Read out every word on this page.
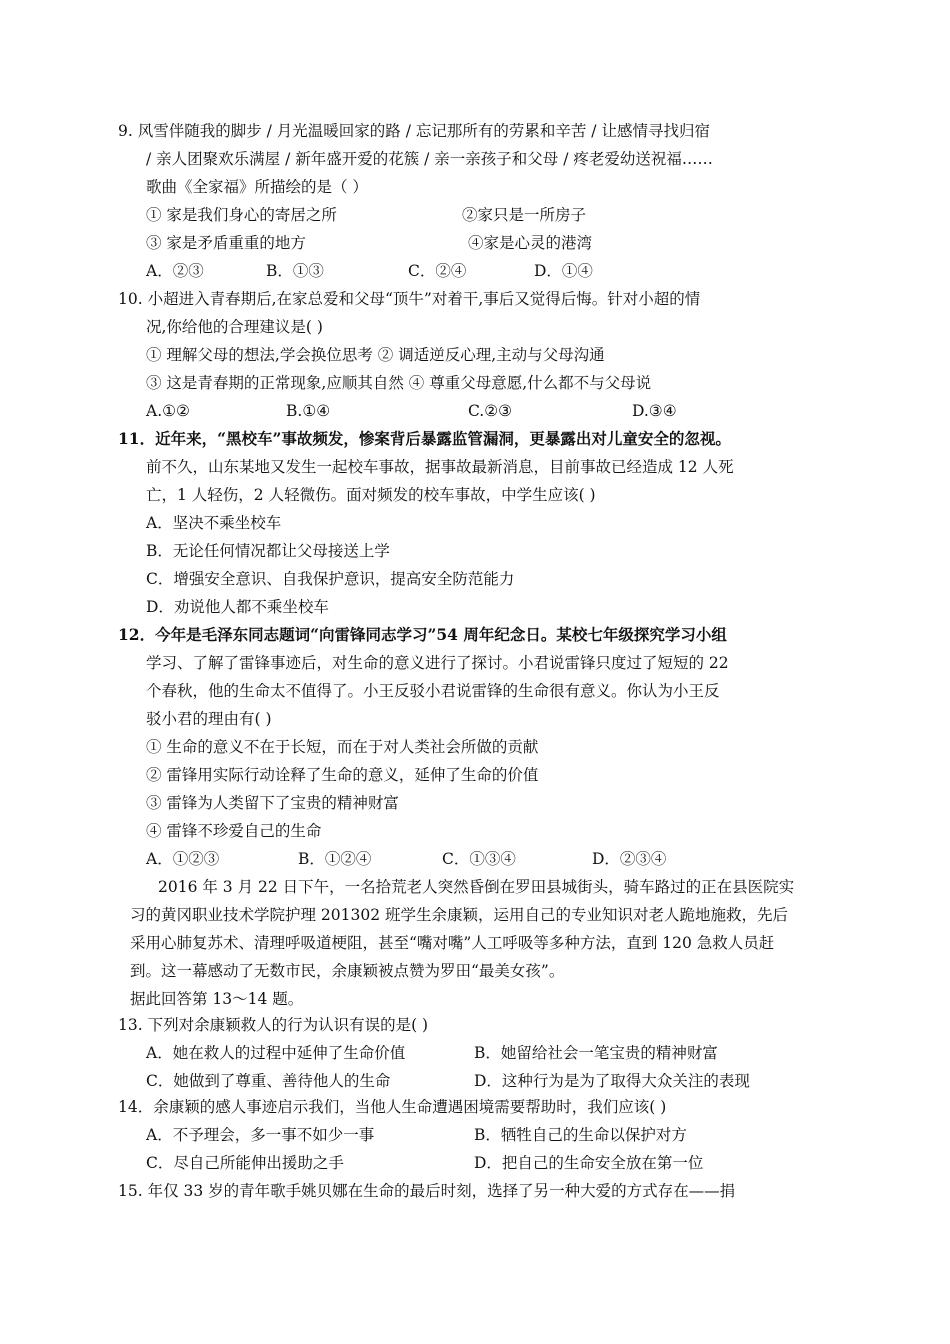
9. 风雪伴随我的脚步 / 月光温暖回家的路 / 忘记那所有的劳累和辛苦 / 让感情寻找归宿
/ 亲人团聚欢乐满屋 / 新年盛开爱的花簇 / 亲一亲孩子和父母 / 疼老爱幼送祝福……
歌曲《全家福》所描绘的是（ ）
① 家是我们身心的寄居之所	②家只是一所房子
③ 家是矛盾重重的地方	④家是心灵的港湾
A．②③	B．①③	C．②④	D．①④
10. 小超进入青春期后,在家总爱和父母“顶牛”对着干,事后又觉得后悔。针对小超的情
况,你给他的合理建议是( )
① 理解父母的想法,学会换位思考 ② 调适逆反心理,主动与父母沟通
③ 这是青春期的正常现象,应顺其自然 ④ 尊重父母意愿,什么都不与父母说
A.①②	B.①④	C.②③	D.③④
11．近年来，“黑校车”事故频发，惨案背后暴露监管漏洞，更暴露出对儿童安全的忽视。
前不久，山东某地又发生一起校车事故，据事故最新消息，目前事故已经造成 12 人死
亡，1 人轻伤，2 人轻微伤。面对频发的校车事故，中学生应该( )
A．坚决不乘坐校车
B．无论任何情况都让父母接送上学
C．增强安全意识、自我保护意识，提高安全防范能力
D．劝说他人都不乘坐校车
12．今年是毛泽东同志题词“向雷锋同志学习”54 周年纪念日。某校七年级探究学习小组
学习、了解了雷锋事迹后，对生命的意义进行了探讨。小君说雷锋只度过了短短的 22
个春秋，他的生命太不值得了。小王反驳小君说雷锋的生命很有意义。你认为小王反
驳小君的理由有( )
① 生命的意义不在于长短，而在于对人类社会所做的贡献
② 雷锋用实际行动诠释了生命的意义，延伸了生命的价值
③ 雷锋为人类留下了宝贵的精神财富
④ 雷锋不珍爱自己的生命
A．①②③	B．①②④	C．①③④	D．②③④
2016 年 3 月 22 日下午，一名拾荒老人突然昏倒在罗田县城街头，骑车路过的正在县医院实
习的黄冈职业技术学院护理 201302 班学生余康颖，运用自己的专业知识对老人跪地施救，先后
采用心肺复苏术、清理呼吸道梗阻，甚至“嘴对嘴”人工呼吸等多种方法，直到 120 急救人员赶
到。这一幕感动了无数市民，余康颖被点赞为罗田“最美女孩”。
据此回答第 13～14 题。
13. 下列对余康颖救人的行为认识有误的是( )
A．她在救人的过程中延伸了生命价值	B．她留给社会一笔宝贵的精神财富
C．她做到了尊重、善待他人的生命	D．这种行为是为了取得大众关注的表现
14．余康颖的感人事迹启示我们，当他人生命遭遇困境需要帮助时，我们应该( )
A．不予理会，多一事不如少一事	B．牺牲自己的生命以保护对方
C．尽自己所能伸出援助之手	D．把自己的生命安全放在第一位
15. 年仅 33 岁的青年歌手姚贝娜在生命的最后时刻，选择了另一种大爱的方式存在——捐
